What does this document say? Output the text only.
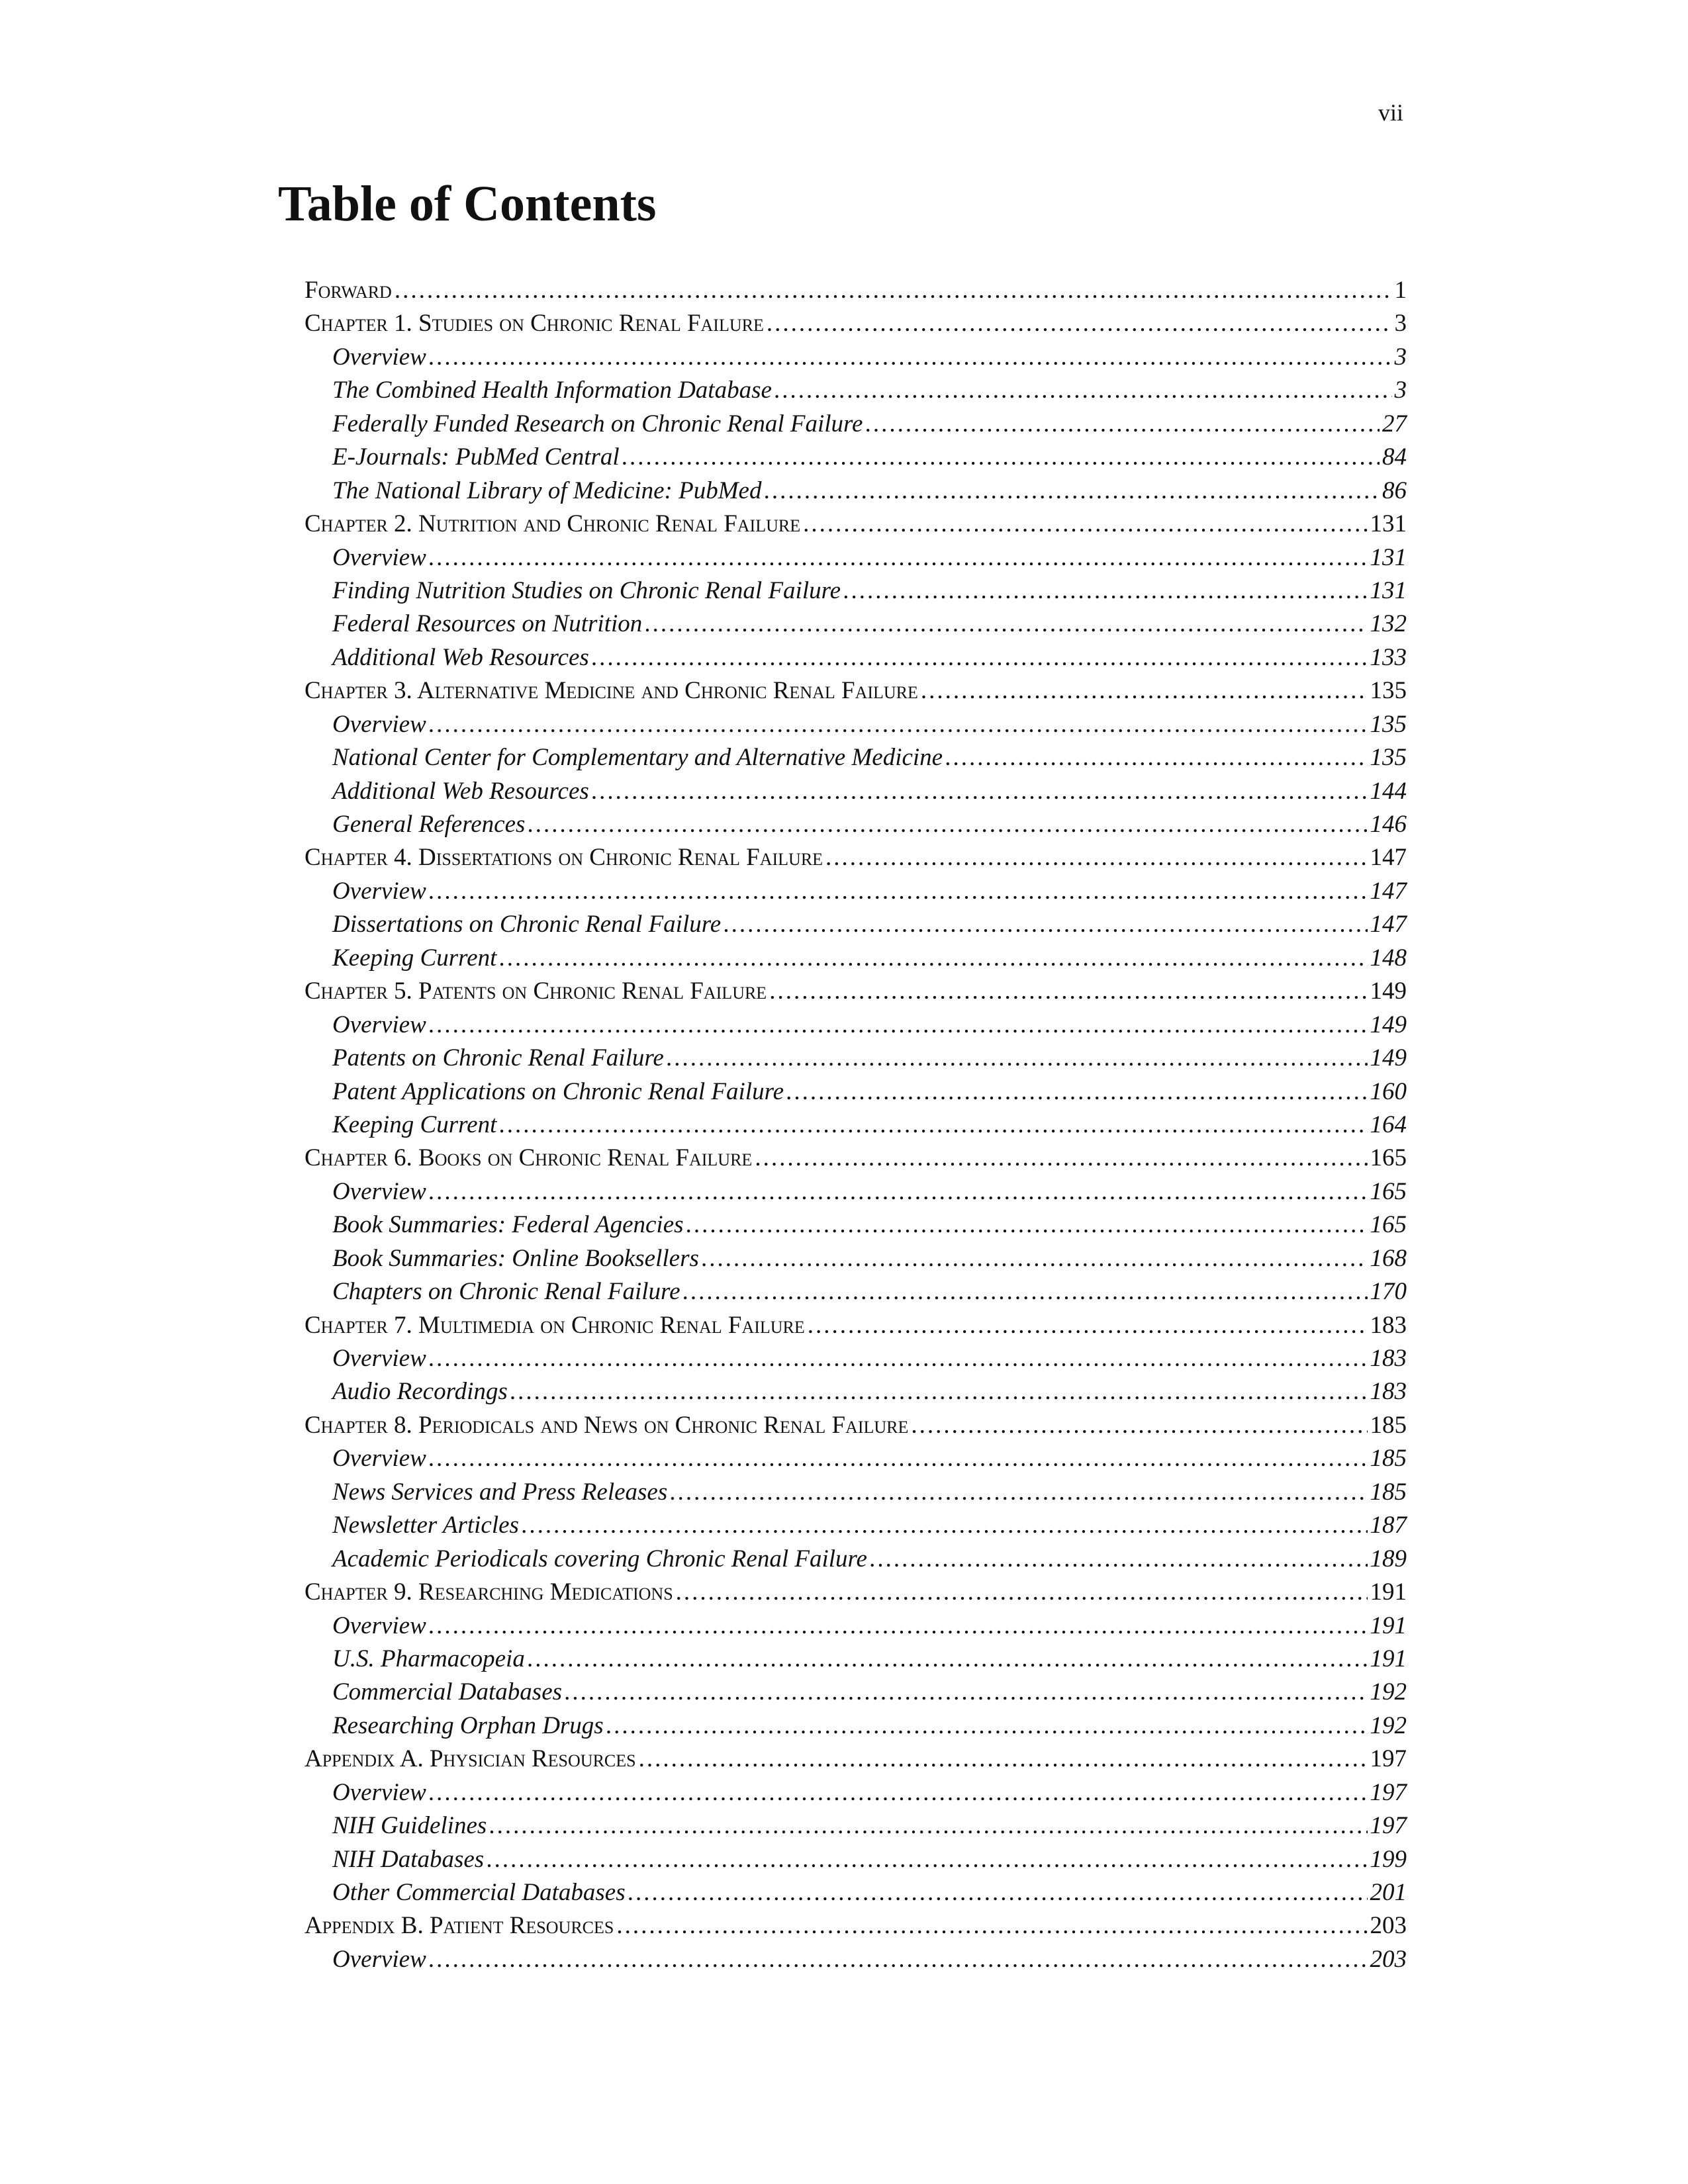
vii
Table of Contents
Forward .....	1
Chapter 1. Studies on Chronic Renal Failure .....	3
Overview .....	3
The Combined Health Information Database .....	3
Federally Funded Research on Chronic Renal Failure .....	27
E-Journals: PubMed Central .....	84
The National Library of Medicine: PubMed .....	86
Chapter 2. Nutrition and Chronic Renal Failure .....	131
Overview .....	131
Finding Nutrition Studies on Chronic Renal Failure .....	131
Federal Resources on Nutrition .....	132
Additional Web Resources .....	133
Chapter 3. Alternative Medicine and Chronic Renal Failure .....	135
Overview .....	135
National Center for Complementary and Alternative Medicine .....	135
Additional Web Resources .....	144
General References .....	146
Chapter 4. Dissertations on Chronic Renal Failure .....	147
Overview .....	147
Dissertations on Chronic Renal Failure .....	147
Keeping Current .....	148
Chapter 5. Patents on Chronic Renal Failure .....	149
Overview .....	149
Patents on Chronic Renal Failure .....	149
Patent Applications on Chronic Renal Failure .....	160
Keeping Current .....	164
Chapter 6. Books on Chronic Renal Failure .....	165
Overview .....	165
Book Summaries: Federal Agencies .....	165
Book Summaries: Online Booksellers .....	168
Chapters on Chronic Renal Failure .....	170
Chapter 7. Multimedia on Chronic Renal Failure .....	183
Overview .....	183
Audio Recordings .....	183
Chapter 8. Periodicals and News on Chronic Renal Failure .....	185
Overview .....	185
News Services and Press Releases .....	185
Newsletter Articles .....	187
Academic Periodicals covering Chronic Renal Failure .....	189
Chapter 9. Researching Medications .....	191
Overview .....	191
U.S. Pharmacopeia .....	191
Commercial Databases .....	192
Researching Orphan Drugs .....	192
Appendix A. Physician Resources .....	197
Overview .....	197
NIH Guidelines .....	197
NIH Databases .....	199
Other Commercial Databases .....	201
Appendix B. Patient Resources .....	203
Overview .....	203
